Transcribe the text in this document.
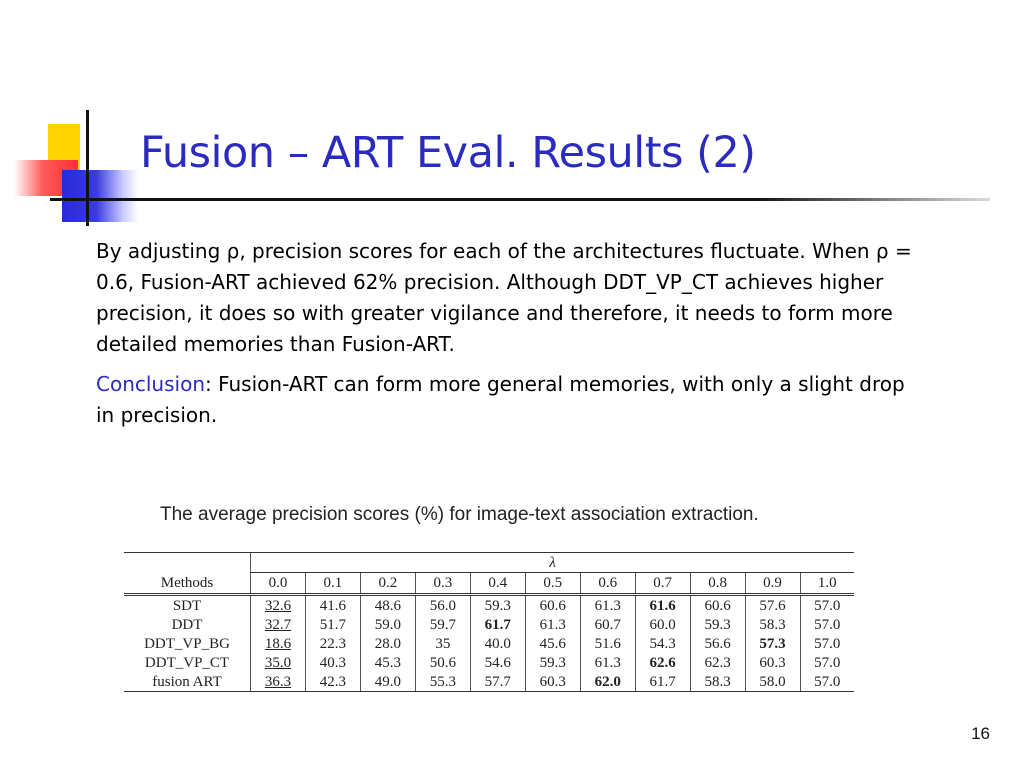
Fusion – ART Eval. Results (2)

By adjusting ρ, precision scores for each of the architectures fluctuate. When ρ = 0.6, Fusion-ART achieved 62% precision. Although DDT_VP_CT achieves higher precision, it does so with greater vigilance and therefore, it needs to form more detailed memories than Fusion-ART.

Conclusion: Fusion-ART can form more general memories, with only a slight drop in precision.

The average precision scores (%) for image-text association extraction.
	λ										
Methods	0.0	0.1	0.2	0.3	0.4	0.5	0.6	0.7	0.8	0.9	1.0
SDT	32.6	41.6	48.6	56.0	59.3	60.6	61.3	61.6	60.6	57.6	57.0
DDT	32.7	51.7	59.0	59.7	61.7	61.3	60.7	60.0	59.3	58.3	57.0
DDT_VP_BG	18.6	22.3	28.0	35	40.0	45.6	51.6	54.3	56.6	57.3	57.0
DDT_VP_CT	35.0	40.3	45.3	50.6	54.6	59.3	61.3	62.6	62.3	60.3	57.0
fusion ART	36.3	42.3	49.0	55.3	57.7	60.3	62.0	61.7	58.3	58.0	57.0
16
